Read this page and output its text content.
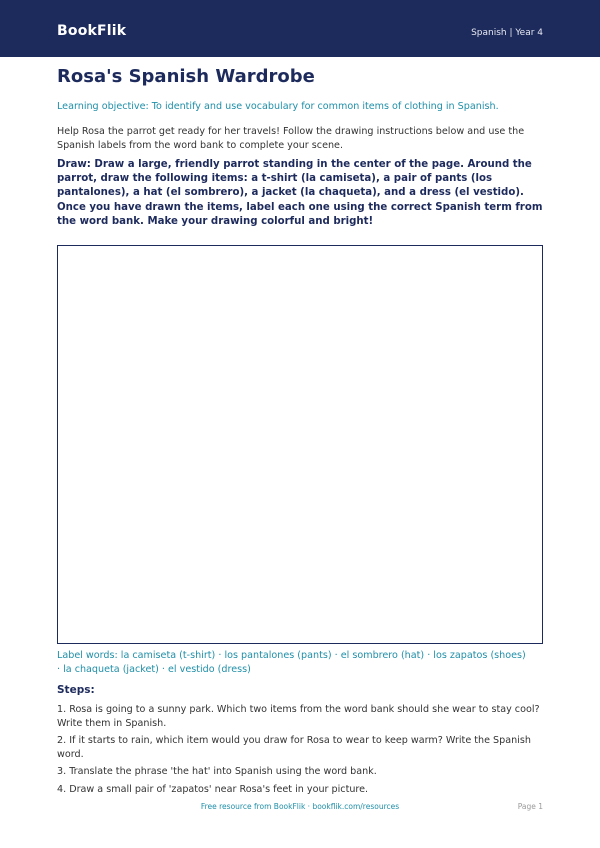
BookFlik	Spanish | Year 4
Rosa's Spanish Wardrobe
Learning objective: To identify and use vocabulary for common items of clothing in Spanish.
Help Rosa the parrot get ready for her travels! Follow the drawing instructions below and use the Spanish labels from the word bank to complete your scene.
Draw: Draw a large, friendly parrot standing in the center of the page. Around the parrot, draw the following items: a t-shirt (la camiseta), a pair of pants (los pantalones), a hat (el sombrero), a jacket (la chaqueta), and a dress (el vestido). Once you have drawn the items, label each one using the correct Spanish term from the word bank. Make your drawing colorful and bright!
Label words: la camiseta (t-shirt) · los pantalones (pants) · el sombrero (hat) · los zapatos (shoes) · la chaqueta (jacket) · el vestido (dress)
Steps:
1. Rosa is going to a sunny park. Which two items from the word bank should she wear to stay cool? Write them in Spanish.
2. If it starts to rain, which item would you draw for Rosa to wear to keep warm? Write the Spanish word.
3. Translate the phrase 'the hat' into Spanish using the word bank.
4. Draw a small pair of 'zapatos' near Rosa's feet in your picture.
Free resource from BookFlik · bookflik.com/resources	Page 1
